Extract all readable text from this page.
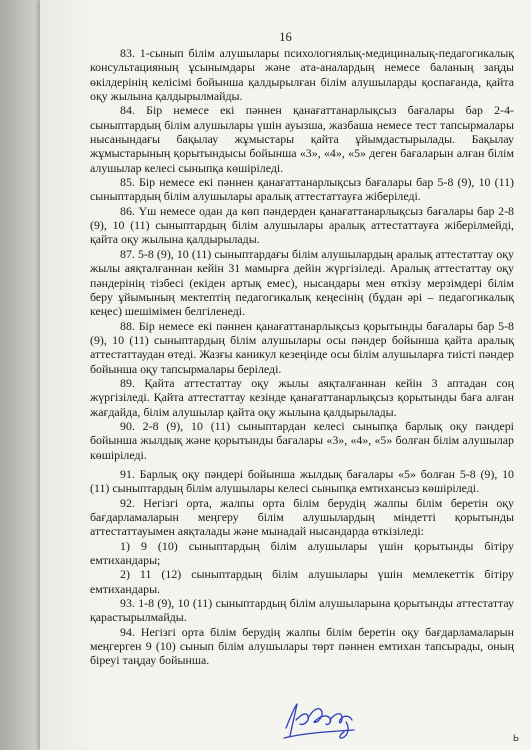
16

83. 1-сынып білім алушылары психологиялық-медициналық-педагогикалық консультацияның ұсынымдары және ата-аналардың немесе баланың заңды өкілдерінің келісімі бойынша қалдырылған білім алушыларды қоспағанда, қайта оқу жылына қалдырылмайды.

84. Бір немесе екі пәннен қанағаттанарлықсыз бағалары бар 2-4-сыныптардың білім алушылары үшін ауызша, жазбаша немесе тест тапсырмалары нысанындағы бақылау жұмыстары қайта ұйымдастырылады. Бақылау жұмыстарының қорытындысы бойынша «3», «4», «5» деген бағаларын алған білім алушылар келесі сыныпқа көшіріледі.

85. Бір немесе екі пәннен қанағаттанарлықсыз бағалары бар 5-8 (9), 10 (11) сыныптардың білім алушылары аралық аттестаттауға жіберіледі.

86. Үш немесе одан да көп пәндерден қанағаттанарлықсыз бағалары бар 2-8 (9), 10 (11) сыныптардың білім алушылары аралық аттестаттауға жіберілмейді, қайта оқу жылына қалдырылады.

87. 5-8 (9), 10 (11) сыныптардағы білім алушылардың аралық аттестаттау оқу жылы аяқталғаннан кейін 31 мамырға дейін жүргізіледі. Аралық аттестаттау оқу пәндерінің тізбесі (екіден артық емес), нысандары мен өткізу мерзімдері білім беру ұйымының мектептің педагогикалық кеңесінің (бұдан әрі – педагогикалық кеңес) шешімімен белгіленеді.

88. Бір немесе екі пәннен қанағаттанарлықсыз қорытынды бағалары бар 5-8 (9), 10 (11) сыныптардың білім алушылары осы пәндер бойынша қайта аралық аттестаттаудан өтеді. Жазғы каникул кезеңінде осы білім алушыларға тиісті пәндер бойынша оқу тапсырмалары беріледі.

89. Қайта аттестаттау оқу жылы аяқталғаннан кейін 3 аптадан соң жүргізіледі. Қайта аттестаттау кезінде қанағаттанарлықсыз қорытынды баға алған жағдайда, білім алушылар қайта оқу жылына қалдырылады.

90. 2-8 (9), 10 (11) сыныптардан келесі сыныпқа барлық оқу пәндері бойынша жылдық және қорытынды бағалары «3», «4», «5» болған білім алушылар көшіріледі.

91. Барлық оқу пәндері бойынша жылдық бағалары «5» болған 5-8 (9), 10 (11) сыныптардың білім алушылары келесі сыныпқа емтихансыз көшіріледі.

92. Негізгі орта, жалпы орта білім берудің жалпы білім беретін оқу бағдарламаларын меңгеру білім алушылардың міндетті қорытынды аттестаттауымен аяқталады және мынадай нысандарда өткізіледі:

1) 9 (10) сыныптардың білім алушылары үшін қорытынды бітіру емтихандары;

2) 11 (12) сыныптардың білім алушылары үшін мемлекеттік бітіру емтихандары.

93. 1-8 (9), 10 (11) сыныптардың білім алушыларына қорытынды аттестаттау қарастырылмайды.

94. Негізгі орта білім берудің жалпы білім беретін оқу бағдарламаларын меңгерген 9 (10) сынып білім алушылары төрт пәннен емтихан тапсырады, оның біреуі таңдау бойынша.

Ь
